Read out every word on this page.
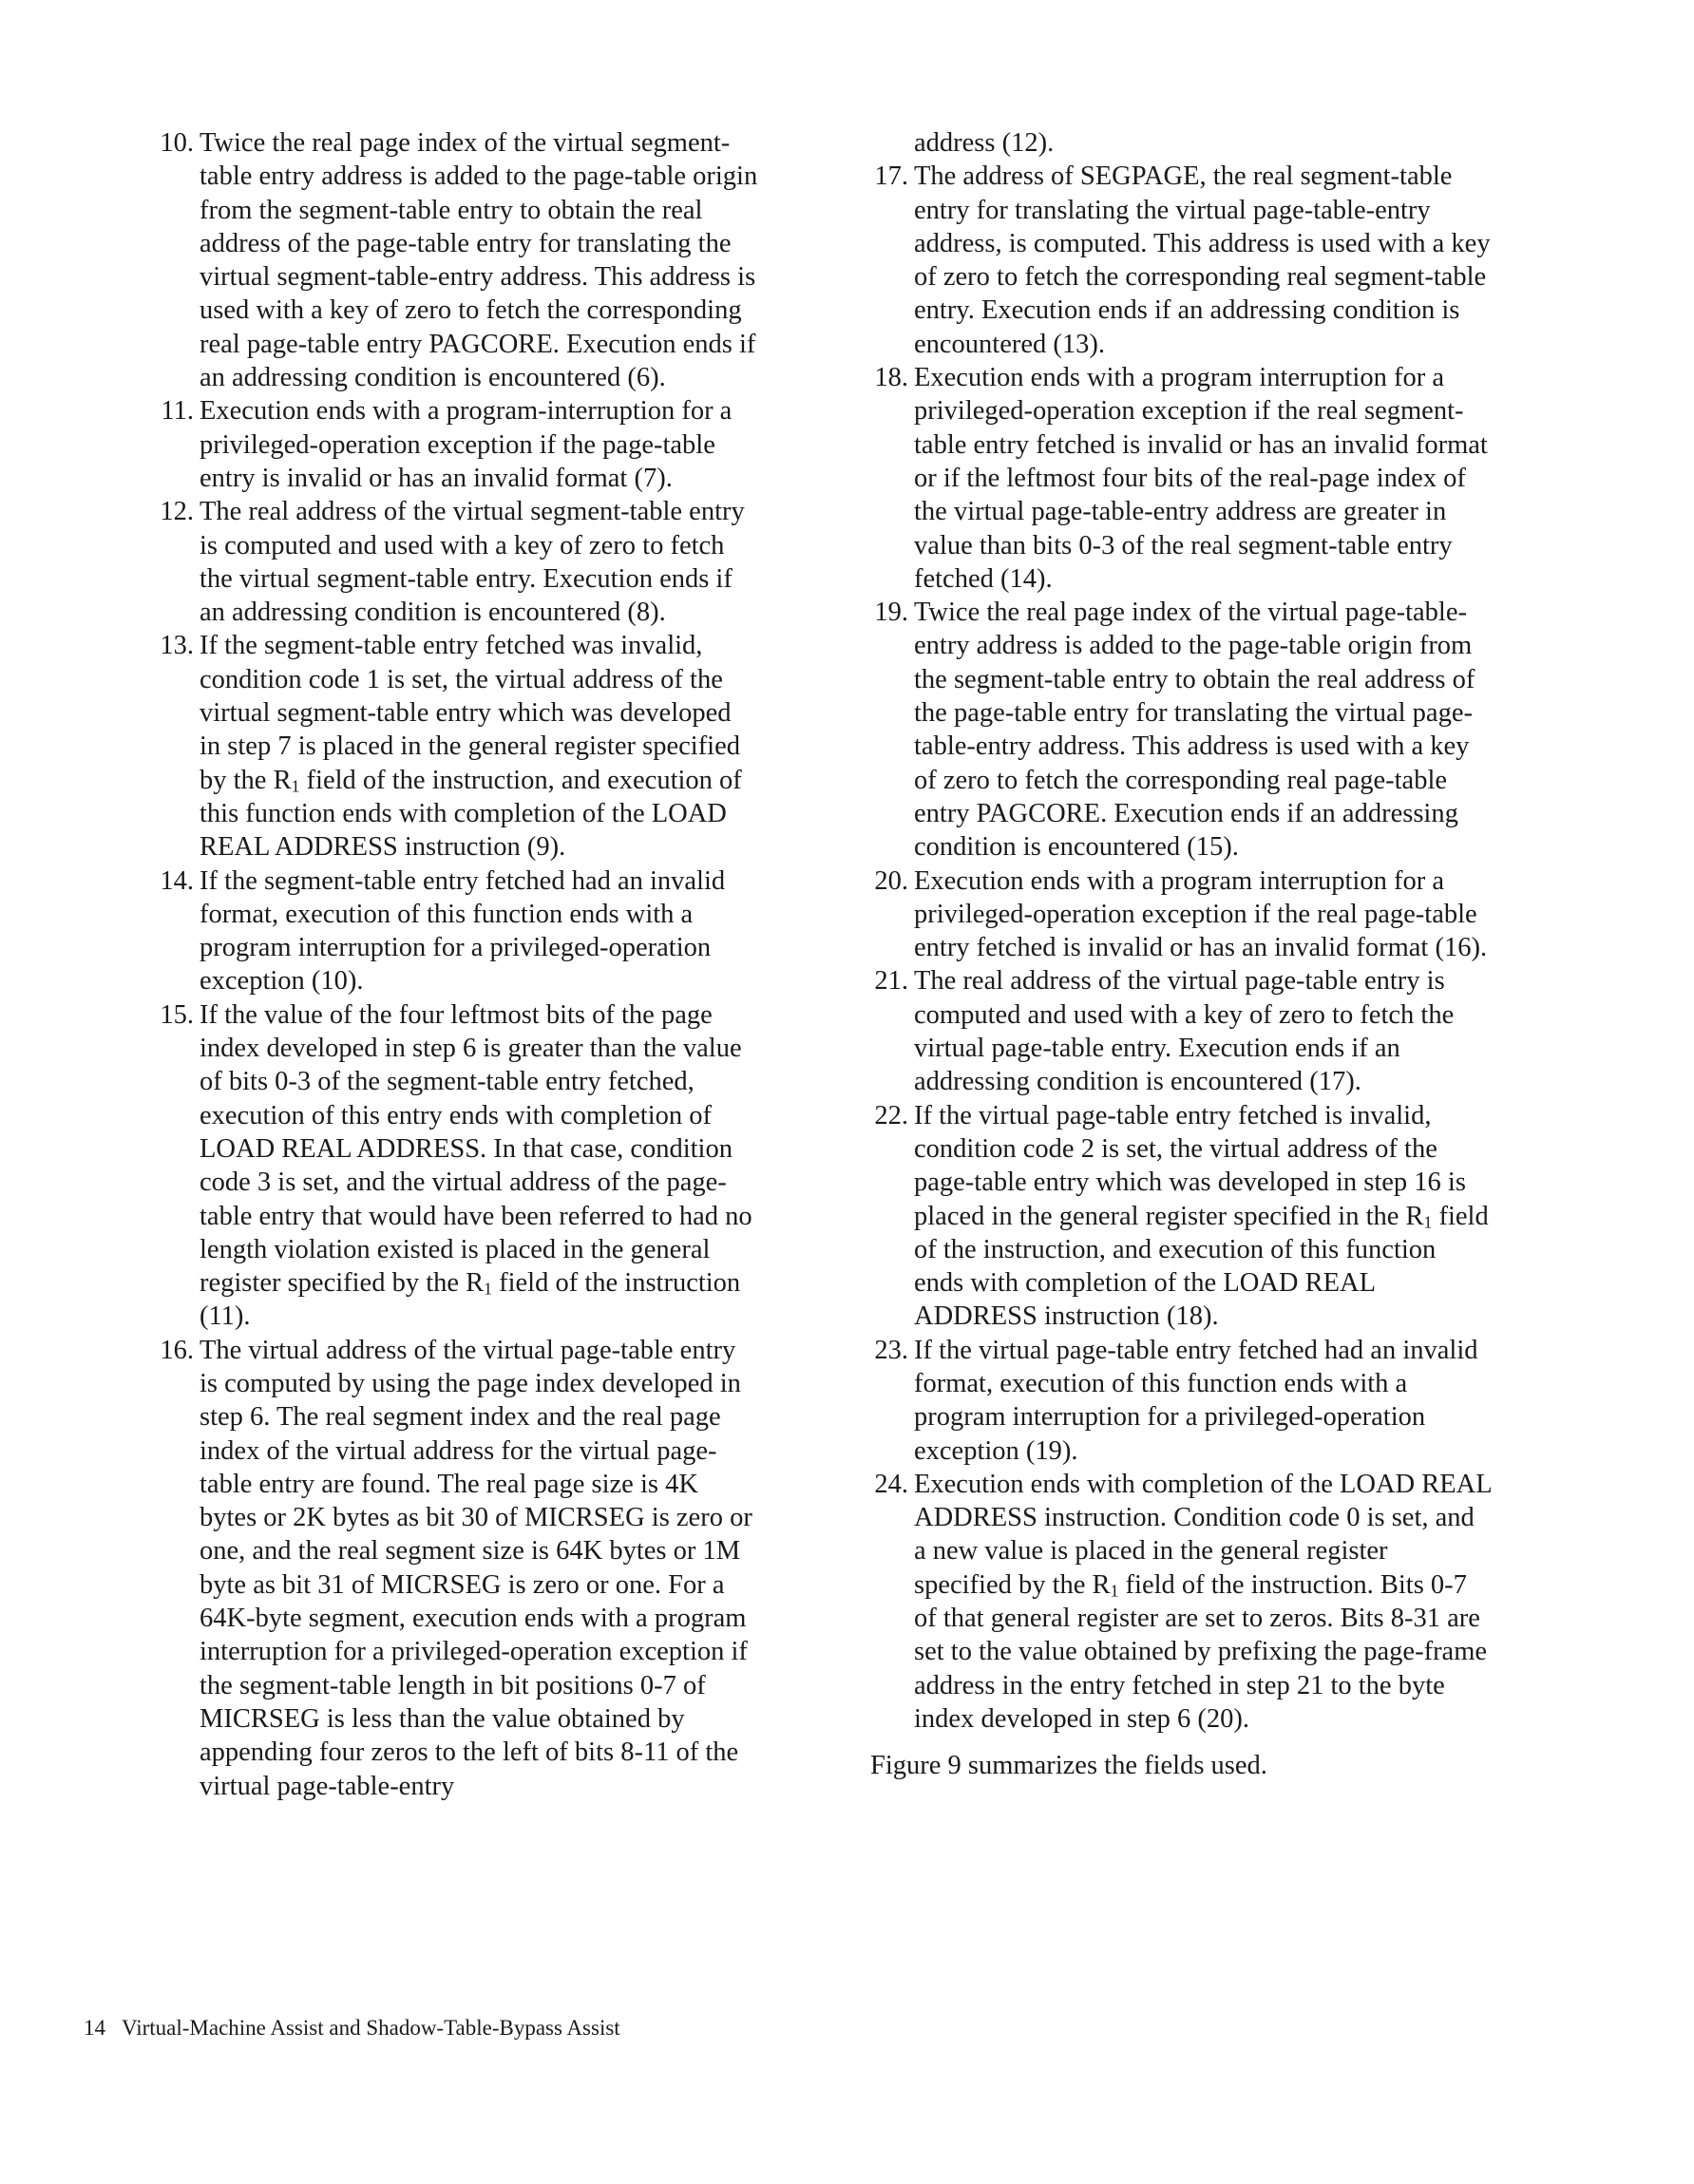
10. Twice the real page index of the virtual segment-table entry address is added to the page-table origin from the segment-table entry to obtain the real address of the page-table entry for translating the virtual segment-table-entry address. This address is used with a key of zero to fetch the corresponding real page-table entry PAGCORE. Execution ends if an addressing condition is encountered (6).

11. Execution ends with a program-interruption for a privileged-operation exception if the page-table entry is invalid or has an invalid format (7).

12. The real address of the virtual segment-table entry is computed and used with a key of zero to fetch the virtual segment-table entry. Execution ends if an addressing condition is encountered (8).

13. If the segment-table entry fetched was invalid, condition code 1 is set, the virtual address of the virtual segment-table entry which was developed in step 7 is placed in the general register specified by the $R_1$ field of the instruction, and execution of this function ends with completion of the LOAD REAL ADDRESS instruction (9).

14. If the segment-table entry fetched had an invalid format, execution of this function ends with a program interruption for a privileged-operation exception (10).

15. If the value of the four leftmost bits of the page index developed in step 6 is greater than the value of bits 0-3 of the segment-table entry fetched, execution of this entry ends with completion of LOAD REAL ADDRESS. In that case, condition code 3 is set, and the virtual address of the page-table entry that would have been referred to had no length violation existed is placed in the general register specified by the $R_1$ field of the instruction (11).

16. The virtual address of the virtual page-table entry is computed by using the page index developed in step 6. The real segment index and the real page index of the virtual address for the virtual page-table entry are found. The real page size is 4K bytes or 2K bytes as bit 30 of MICRSEG is zero or one, and the real segment size is 64K bytes or 1M byte as bit 31 of MICRSEG is zero or one. For a 64K-byte segment, execution ends with a program interruption for a privileged-operation exception if the segment-table length in bit positions 0-7 of MICRSEG is less than the value obtained by appending four zeros to the left of bits 8-11 of the virtual page-table-entry

address (12).

17. The address of SEGPAGE, the real segment-table entry for translating the virtual page-table-entry address, is computed. This address is used with a key of zero to fetch the corresponding real segment-table entry. Execution ends if an addressing condition is encountered (13).

18. Execution ends with a program interruption for a privileged-operation exception if the real segment-table entry fetched is invalid or has an invalid format or if the leftmost four bits of the real-page index of the virtual page-table-entry address are greater in value than bits 0-3 of the real segment-table entry fetched (14).

19. Twice the real page index of the virtual page-table-entry address is added to the page-table origin from the segment-table entry to obtain the real address of the page-table entry for translating the virtual page-table-entry address. This address is used with a key of zero to fetch the corresponding real page-table entry PAGCORE. Execution ends if an addressing condition is encountered (15).

20. Execution ends with a program interruption for a privileged-operation exception if the real page-table entry fetched is invalid or has an invalid format (16).

21. The real address of the virtual page-table entry is computed and used with a key of zero to fetch the virtual page-table entry. Execution ends if an addressing condition is encountered (17).

22. If the virtual page-table entry fetched is invalid, condition code 2 is set, the virtual address of the page-table entry which was developed in step 16 is placed in the general register specified in the $R_1$ field of the instruction, and execution of this function ends with completion of the LOAD REAL ADDRESS instruction (18).

23. If the virtual page-table entry fetched had an invalid format, execution of this function ends with a program interruption for a privileged-operation exception (19).

24. Execution ends with completion of the LOAD REAL ADDRESS instruction. Condition code 0 is set, and a new value is placed in the general register specified by the $R_1$ field of the instruction. Bits 0-7 of that general register are set to zeros. Bits 8-31 are set to the value obtained by prefixing the page-frame address in the entry fetched in step 21 to the byte index developed in step 6 (20).

Figure 9 summarizes the fields used.

14 Virtual-Machine Assist and Shadow-Table-Bypass Assist
